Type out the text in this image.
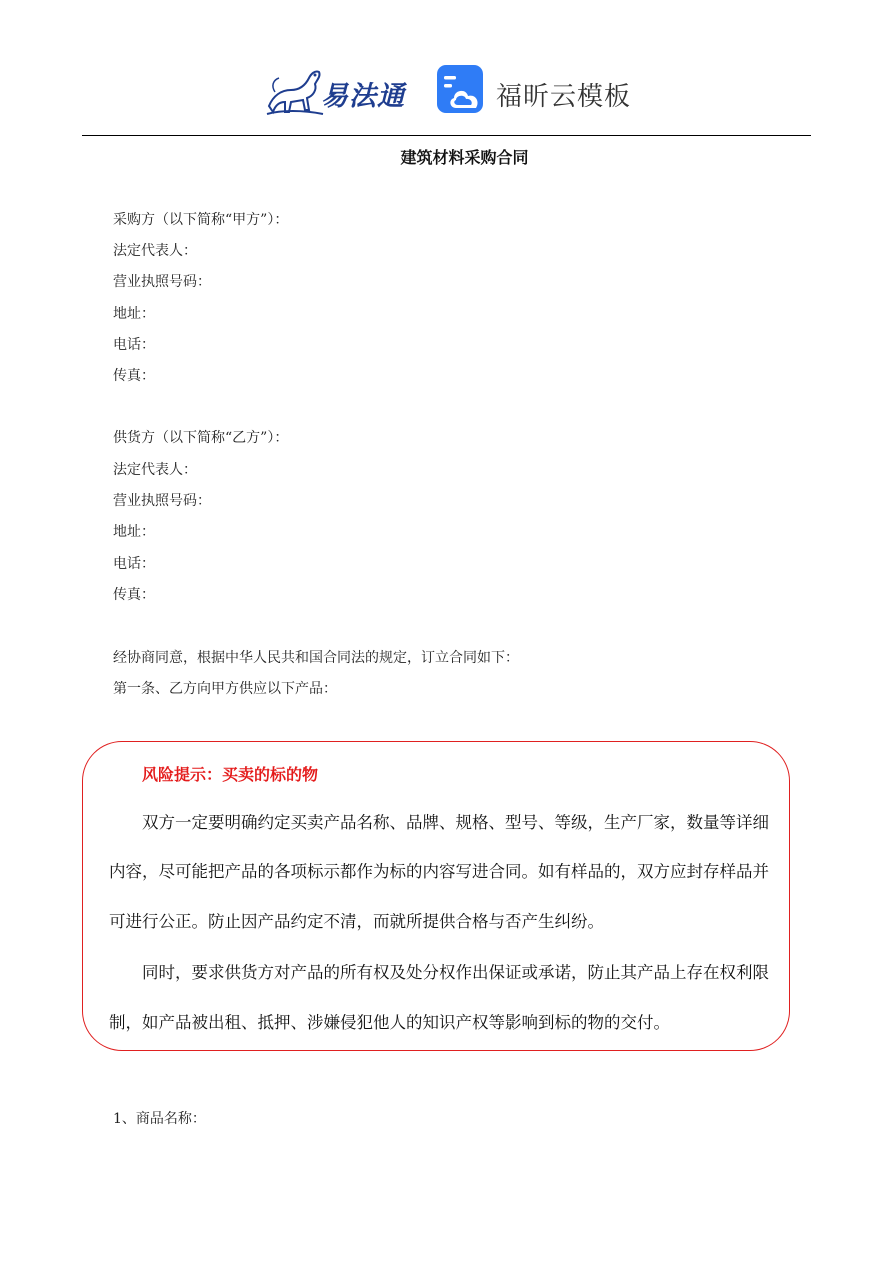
易法通	福昕云模板
建筑材料采购合同
采购方（以下简称“甲方”）：
法定代表人：
营业执照号码：
地址：
电话：
传真：
供货方（以下简称“乙方”）：
法定代表人：
营业执照号码：
地址：
电话：
传真：
经协商同意，根据中华人民共和国合同法的规定，订立合同如下：
第一条、乙方向甲方供应以下产品：
风险提示：买卖的标的物
双方一定要明确约定买卖产品名称、品牌、规格、型号、等级，生产厂家，数量等详细
内容，尽可能把产品的各项标示都作为标的内容写进合同。如有样品的，双方应封存样品并
可进行公正。防止因产品约定不清，而就所提供合格与否产生纠纷。
同时，要求供货方对产品的所有权及处分权作出保证或承诺，防止其产品上存在权利限
制，如产品被出租、抵押、涉嫌侵犯他人的知识产权等影响到标的物的交付。
1、商品名称：
